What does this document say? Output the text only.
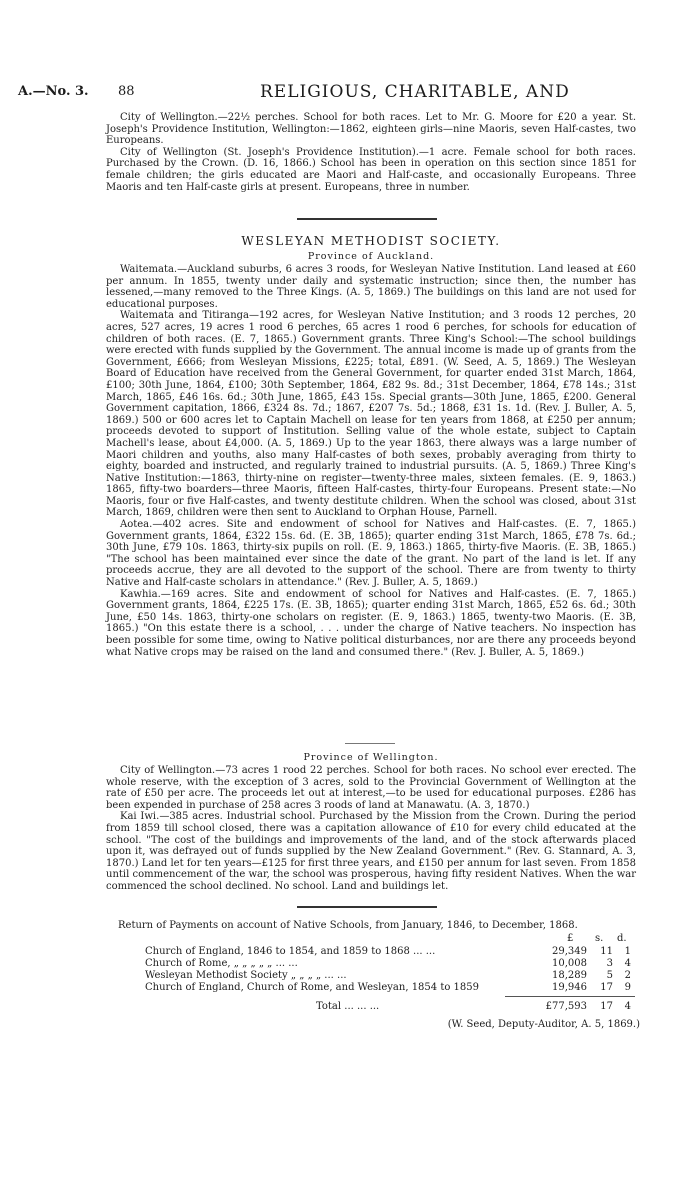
A.—No. 3. 88	RELIGIOUS, CHARITABLE, AND

City of Wellington.—22½ perches. School for both races. Let to Mr. G. Moore for £20 a year. St. Joseph's Providence Institution, Wellington:—1862, eighteen girls—nine Maoris, seven Half-castes, two Europeans.

City of Wellington (St. Joseph's Providence Institution).—1 acre. Female school for both races. Purchased by the Crown. (D. 16, 1866.) School has been in operation on this section since 1851 for female children; the girls educated are Maori and Half-caste, and occasionally Europeans. Three Maoris and ten Half-caste girls at present. Europeans, three in number.

WESLEYAN METHODIST SOCIETY.
Province of Auckland.

Waitemata.—Auckland suburbs, 6 acres 3 roods, for Wesleyan Native Institution. Land leased at £60 per annum. In 1855, twenty under daily and systematic instruction; since then, the number has lessened,—many removed to the Three Kings. (A. 5, 1869.) The buildings on this land are not used for educational purposes.

Waitemata and Titiranga—192 acres, for Wesleyan Native Institution; and 3 roods 12 perches, 20 acres, 527 acres, 19 acres 1 rood 6 perches, 65 acres 1 rood 6 perches, for schools for education of children of both races. (E. 7, 1865.) Government grants. Three King's School:—The school buildings were erected with funds supplied by the Government. The annual income is made up of grants from the Government, £666; from Wesleyan Missions, £225; total, £891. (W. Seed, A. 5, 1869.) The Wesleyan Board of Education have received from the General Government, for quarter ended 31st March, 1864, £100; 30th June, 1864, £100; 30th September, 1864, £82 9s. 8d.; 31st December, 1864, £78 14s.; 31st March, 1865, £46 16s. 6d.; 30th June, 1865, £43 15s. Special grants—30th June, 1865, £200. General Government capitation, 1866, £324 8s. 7d.; 1867, £207 7s. 5d.; 1868, £31 1s. 1d. (Rev. J. Buller, A. 5, 1869.) 500 or 600 acres let to Captain Machell on lease for ten years from 1868, at £250 per annum; proceeds devoted to support of Institution. Selling value of the whole estate, subject to Captain Machell's lease, about £4,000. (A. 5, 1869.) Up to the year 1863, there always was a large number of Maori children and youths, also many Half-castes of both sexes, probably averaging from thirty to eighty, boarded and instructed, and regularly trained to industrial pursuits. (A. 5, 1869.) Three King's Native Institution:—1863, thirty-nine on register—twenty-three males, sixteen females. (E. 9, 1863.) 1865, fifty-two boarders—three Maoris, fifteen Half-castes, thirty-four Europeans. Present state:—No Maoris, four or five Half-castes, and twenty destitute children. When the school was closed, about 31st March, 1869, children were then sent to Auckland to Orphan House, Parnell.

Aotea.—402 acres. Site and endowment of school for Natives and Half-castes. (E. 7, 1865.) Government grants, 1864, £322 15s. 6d. (E. 3B, 1865); quarter ending 31st March, 1865, £78 7s. 6d.; 30th June, £79 10s. 1863, thirty-six pupils on roll. (E. 9, 1863.) 1865, thirty-five Maoris. (E. 3B, 1865.) "The school has been maintained ever since the date of the grant. No part of the land is let. If any proceeds accrue, they are all devoted to the support of the school. There are from twenty to thirty Native and Half-caste scholars in attendance." (Rev. J. Buller, A. 5, 1869.)

Kawhia.—169 acres. Site and endowment of school for Natives and Half-castes. (E. 7, 1865.) Government grants, 1864, £225 17s. (E. 3B, 1865); quarter ending 31st March, 1865, £52 6s. 6d.; 30th June, £50 14s. 1863, thirty-one scholars on register. (E. 9, 1863.) 1865, twenty-two Maoris. (E. 3B, 1865.) "On this estate there is a school, . . . under the charge of Native teachers. No inspection has been possible for some time, owing to Native political disturbances, nor are there any proceeds beyond what Native crops may be raised on the land and consumed there." (Rev. J. Buller, A. 5, 1869.)

Province of Wellington.

City of Wellington.—73 acres 1 rood 22 perches. School for both races. No school ever erected. The whole reserve, with the exception of 3 acres, sold to the Provincial Government of Wellington at the rate of £50 per acre. The proceeds let out at interest,—to be used for educational purposes. £286 has been expended in purchase of 258 acres 3 roods of land at Manawatu. (A. 3, 1870.)

Kai Iwi.—385 acres. Industrial school. Purchased by the Mission from the Crown. During the period from 1859 till school closed, there was a capitation allowance of £10 for every child educated at the school. "The cost of the buildings and improvements of the land, and of the stock afterwards placed upon it, was defrayed out of funds supplied by the New Zealand Government." (Rev. G. Stannard, A. 3, 1870.) Land let for ten years—£125 for first three years, and £150 per annum for last seven. From 1858 until commencement of the war, the school was prosperous, having fifty resident Natives. When the war commenced the school declined. No school. Land and buildings let.

Return of Payments on account of Native Schools, from January, 1846, to December, 1868.
£ s. d.
Church of England, 1846 to 1854, and 1859 to 1868 ... ...	29,349 11 1
Church of Rome, „ „ „ „ „ ... ...	10,008 3 4
Wesleyan Methodist Society „ „ „ „ ... ...	18,289 5 2
Church of England, Church of Rome, and Wesleyan, 1854 to 1859	19,946 17 9
Total ... ... ...	£77,593 17 4
(W. Seed, Deputy-Auditor, A. 5, 1869.)
